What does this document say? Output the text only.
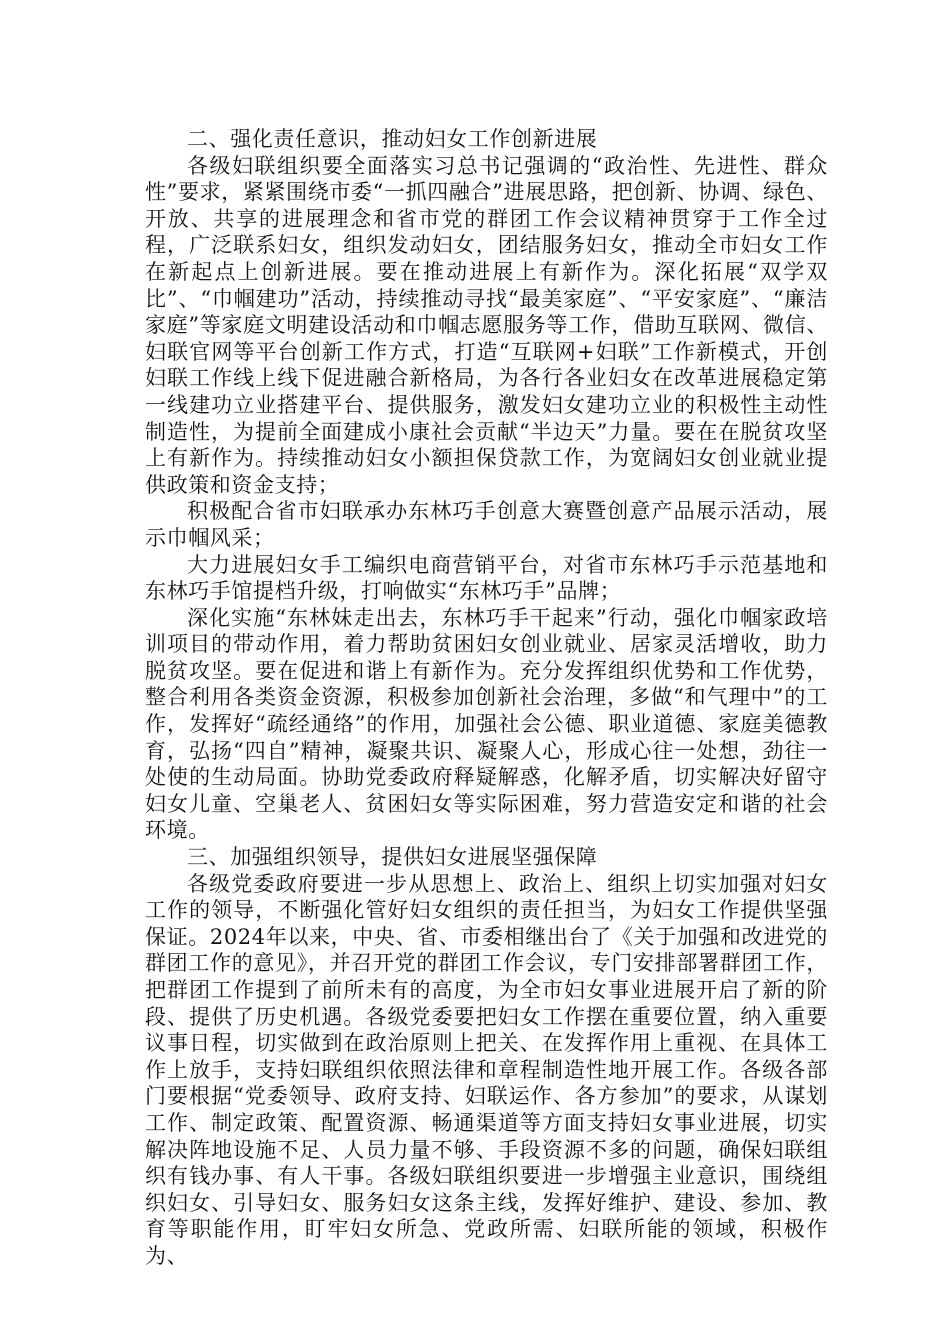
二、强化责任意识，推动妇女工作创新进展

各级妇联组织要全面落实习总书记强调的“政治性、先进性、群众性”要求，紧紧围绕市委“一抓四融合”进展思路，把创新、协调、绿色、开放、共享的进展理念和省市党的群团工作会议精神贯穿于工作全过程，广泛联系妇女，组织发动妇女，团结服务妇女，推动全市妇女工作在新起点上创新进展。要在推动进展上有新作为。深化拓展“双学双比”、“巾帼建功”活动，持续推动寻找“最美家庭”、“平安家庭”、“廉洁家庭”等家庭文明建设活动和巾帼志愿服务等工作，借助互联网、微信、妇联官网等平台创新工作方式，打造“互联网+妇联”工作新模式，开创妇联工作线上线下促进融合新格局，为各行各业妇女在改革进展稳定第一线建功立业搭建平台、提供服务，激发妇女建功立业的积极性主动性制造性，为提前全面建成小康社会贡献“半边天”力量。要在在脱贫攻坚上有新作为。持续推动妇女小额担保贷款工作，为宽阔妇女创业就业提供政策和资金支持；

积极配合省市妇联承办东林巧手创意大赛暨创意产品展示活动，展示巾帼风采；

大力进展妇女手工编织电商营销平台，对省市东林巧手示范基地和东林巧手馆提档升级，打响做实“东林巧手”品牌；

深化实施“东林妹走出去，东林巧手干起来”行动，强化巾帼家政培训项目的带动作用，着力帮助贫困妇女创业就业、居家灵活增收，助力脱贫攻坚。要在促进和谐上有新作为。充分发挥组织优势和工作优势，整合利用各类资金资源，积极参加创新社会治理，多做“和气理中”的工作，发挥好“疏经通络”的作用，加强社会公德、职业道德、家庭美德教育，弘扬“四自”精神，凝聚共识、凝聚人心，形成心往一处想，劲往一处使的生动局面。协助党委政府释疑解惑，化解矛盾，切实解决好留守妇女儿童、空巢老人、贫困妇女等实际困难，努力营造安定和谐的社会环境。

三、加强组织领导，提供妇女进展坚强保障

各级党委政府要进一步从思想上、政治上、组织上切实加强对妇女工作的领导，不断强化管好妇女组织的责任担当，为妇女工作提供坚强保证。2024年以来，中央、省、市委相继出台了《关于加强和改进党的群团工作的意见》，并召开党的群团工作会议，专门安排部署群团工作，把群团工作提到了前所未有的高度，为全市妇女事业进展开启了新的阶段、提供了历史机遇。各级党委要把妇女工作摆在重要位置，纳入重要议事日程，切实做到在政治原则上把关、在发挥作用上重视、在具体工作上放手，支持妇联组织依照法律和章程制造性地开展工作。各级各部门要根据“党委领导、政府支持、妇联运作、各方参加”的要求，从谋划工作、制定政策、配置资源、畅通渠道等方面支持妇女事业进展，切实解决阵地设施不足、人员力量不够、手段资源不多的问题，确保妇联组织有钱办事、有人干事。各级妇联组织要进一步增强主业意识，围绕组织妇女、引导妇女、服务妇女这条主线，发挥好维护、建设、参加、教育等职能作用，盯牢妇女所急、党政所需、妇联所能的领域，积极作为、
